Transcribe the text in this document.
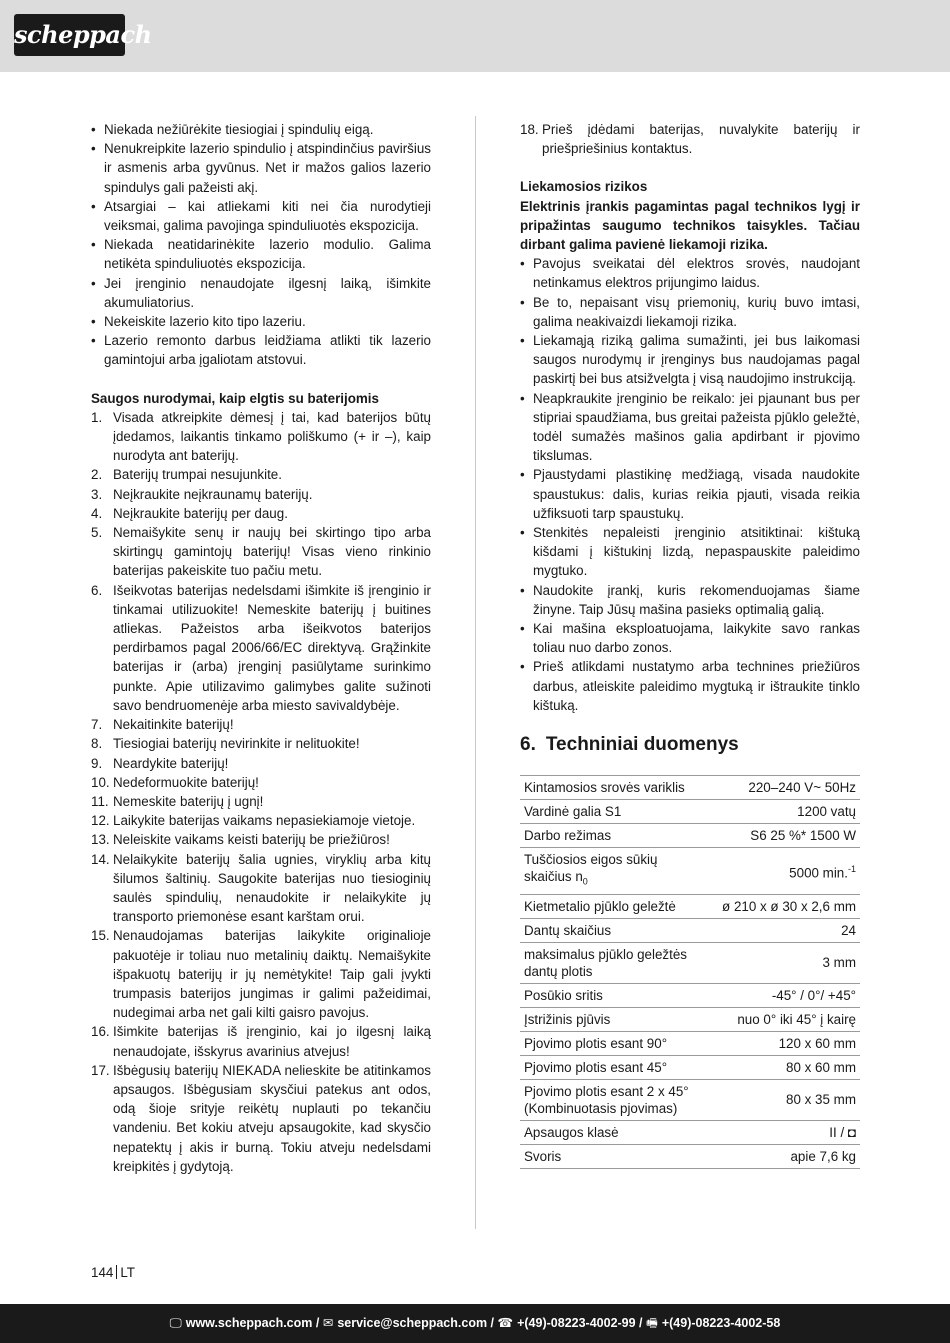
scheppach
• Niekada nežiūrėkite tiesiogiai į spindulių eigą.
• Nenukreipkite lazerio spindulio į atspindinčius paviršius ir asmenis arba gyvūnus. Net ir mažos galios lazerio spindulys gali pažeisti akį.
• Atsargiai – kai atliekami kiti nei čia nurodytieji veiksmai, galima pavojinga spinduliuotės ekspozicija.
• Niekada neatidarinėkite lazerio modulio. Galima netikėta spinduliuotės ekspozicija.
• Jei įrenginio nenaudojate ilgesnį laiką, išimkite akumuliatorius.
• Nekeiskite lazerio kito tipo lazeriu.
• Lazerio remonto darbus leidžiama atlikti tik lazerio gamintojui arba įgaliotam atstovui.
Saugos nurodymai, kaip elgtis su baterijomis
1. Visada atkreipkite dėmesį į tai, kad baterijos būtų įdedamos, laikantis tinkamo poliškumo (+ ir –), kaip nurodyta ant baterijų.
2. Baterijų trumpai nesujunkite.
3. Neįkraukite neįkraunamų baterijų.
4. Neįkraukite baterijų per daug.
5. Nemaišykite senų ir naujų bei skirtingo tipo arba skirtingų gamintojų baterijų! Visas vieno rinkinio baterijas pakeiskite tuo pačiu metu.
6. Išeikvotas baterijas nedelsdami išimkite iš įrenginio ir tinkamai utilizuokite! Nemeskite baterijų į buitines atliekas. Pažeistos arba išeikvotos baterijos perdirbamos pagal 2006/66/EC direktyvą. Grąžinkite baterijas ir (arba) įrenginį pasiūlytame surinkimo punkte. Apie utilizavimo galimybes galite sužinoti savo bendruomenėje arba miesto savivaldybėje.
7. Nekaitinkite baterijų!
8. Tiesiogiai baterijų nevirinkite ir nelituokite!
9. Neardykite baterijų!
10. Nedeformuokite baterijų!
11. Nemeskite baterijų į ugnį!
12. Laikykite baterijas vaikams nepasiekiamoje vietoje.
13. Neleiskite vaikams keisti baterijų be priežiūros!
14. Nelaikykite baterijų šalia ugnies, viryklių arba kitų šilumos šaltinių. Saugokite baterijas nuo tiesioginių saulės spindulių, nenaudokite ir nelaikykite jų transporto priemonėse esant karštam orui.
15. Nenaudojamas baterijas laikykite originalioje pakuotėje ir toliau nuo metalinių daiktų. Nemaišykite išpakuotų baterijų ir jų nemėtykite! Taip gali įvykti trumpasis baterijos jungimas ir galimi pažeidimai, nudegimai arba net gali kilti gaisro pavojus.
16. Išimkite baterijas iš įrenginio, kai jo ilgesnį laiką nenaudojate, išskyrus avarinius atvejus!
17. Išbėgusių baterijų NIEKADA nelieskite be atitinkamos apsaugos. Išbėgusiam skysčiui patekus ant odos, odą šioje srityje reikėtų nuplauti po tekančiu vandeniu. Bet kokiu atveju apsaugokite, kad skysčio nepatektų į akis ir burną. Tokiu atveju nedelsdami kreipkitės į gydytoją.
18. Prieš įdėdami baterijas, nuvalykite baterijų ir priešpriešinius kontaktus.
Liekamosios rizikos
Elektrinis įrankis pagamintas pagal technikos lygį ir pripažintas saugumo technikos taisykles. Tačiau dirbant galima pavienė liekamoji rizika.
• Pavojus sveikatai dėl elektros srovės, naudojant netinkamus elektros prijungimo laidus.
• Be to, nepaisant visų priemonių, kurių buvo imtasi, galima neakivaizdi liekamoji rizika.
• Liekamąją riziką galima sumažinti, jei bus laikomasi saugos nurodymų ir įrenginys bus naudojamas pagal paskirtį bei bus atsižvelgta į visą naudojimo instrukciją.
• Neapkraukite įrenginio be reikalo: jei pjaunant bus per stipriai spaudžiama, bus greitai pažeista pjūklo geležtė, todėl sumažės mašinos galia apdirbant ir pjovimo tikslumas.
• Pjaustydami plastikinę medžiagą, visada naudokite spaustukus: dalis, kurias reikia pjauti, visada reikia užfiksuoti tarp spaustukų.
• Stenkitės nepaleisti įrenginio atsitiktinai: kištuką kišdami į kištukinį lizdą, nepaspauskite paleidimo mygtuko.
• Naudokite įrankį, kuris rekomenduojamas šiame žinyne. Taip Jūsų mašina pasieks optimalią galią.
• Kai mašina eksploatuojama, laikykite savo rankas toliau nuo darbo zonos.
• Prieš atlikdami nustatymo arba technines priežiūros darbus, atleiskite paleidimo mygtuką ir ištraukite tinklo kištuką.
6. Techniniai duomenys
Kintamosios srovės variklis	220–240 V~ 50Hz
Vardinė galia S1	1200 vatų
Darbo režimas	S6 25 %* 1500 W
Tuščiosios eigos sūkių skaičius $n_0$	5000 min.$^{-1}$
Kietmetalio pjūklo geležtė	ø 210 x ø 30 x 2,6 mm
Dantų skaičius	24
maksimalus pjūklo geležtės dantų plotis	3 mm
Posūkio sritis	-45° / 0°/ +45°
Įstrižinis pjūvis	nuo 0° iki 45° į kairę
Pjovimo plotis esant 90°	120 x 60 mm
Pjovimo plotis esant 45°	80 x 60 mm
Pjovimo plotis esant 2 x 45° (Kombinuotasis pjovimas)	80 x 35 mm
Apsaugos klasė	II / ◘
Svoris	apie 7,6 kg
144 LT
🖵 www.scheppach.com / ✉ service@scheppach.com / ☎ +(49)-08223-4002-99 / 🖷 +(49)-08223-4002-58
